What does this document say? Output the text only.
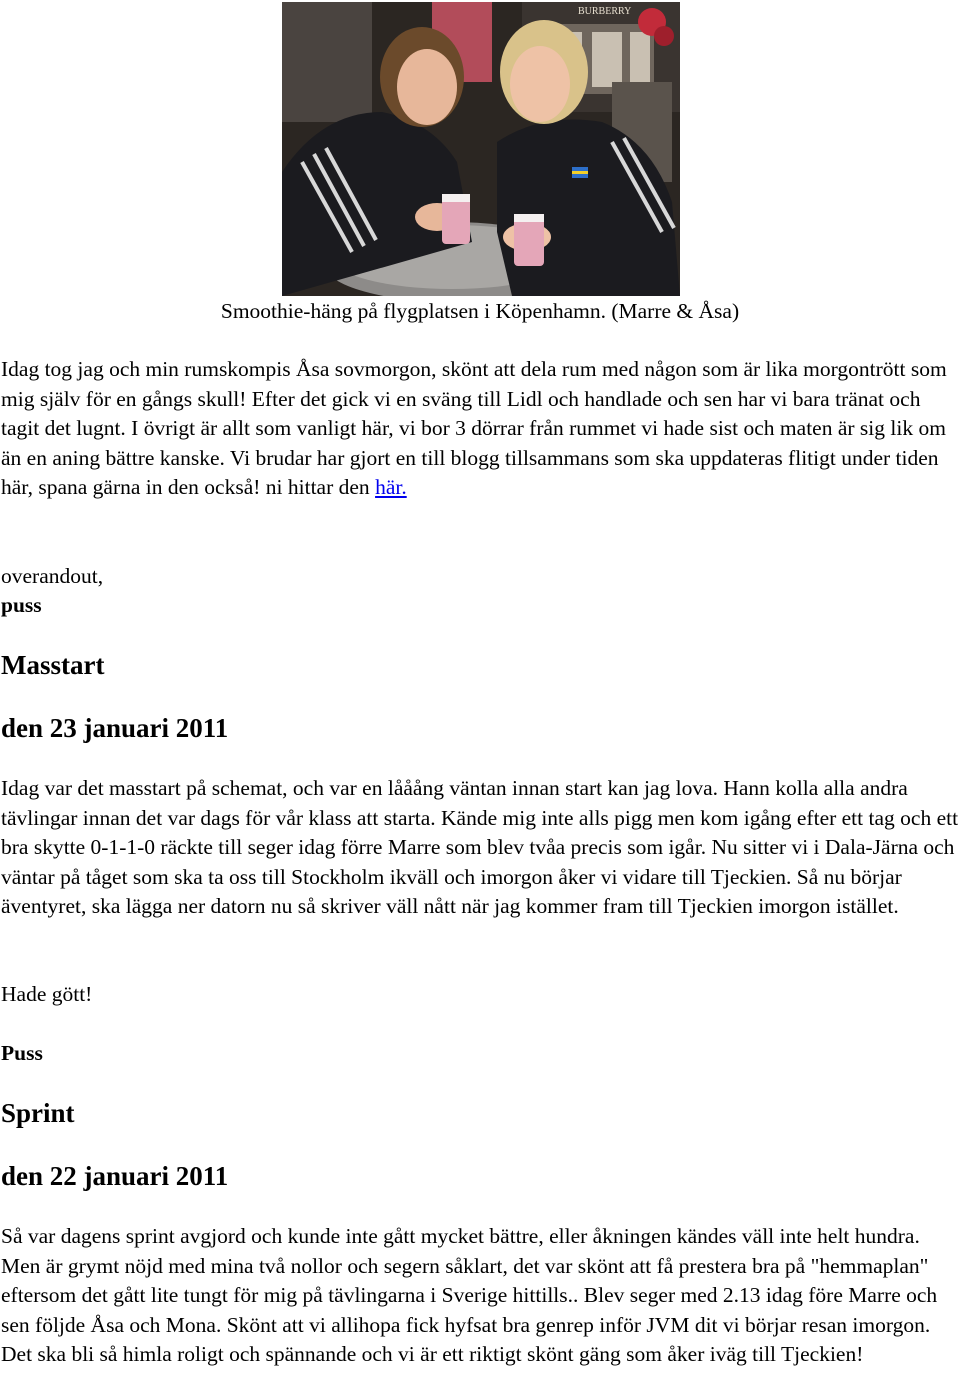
BURBERRY
Smoothie-häng på flygplatsen i Köpenhamn. (Marre & Åsa)

Idag tog jag och min rumskompis Åsa sovmorgon, skönt att dela rum med någon som är lika morgontrött som mig själv för en gångs skull! Efter det gick vi en sväng till Lidl och handlade och sen har vi bara tränat och tagit det lugnt. I övrigt är allt som vanligt här, vi bor 3 dörrar från rummet vi hade sist och maten är sig lik om än en aning bättre kanske. Vi brudar har gjort en till blogg tillsammans som ska uppdateras flitigt under tiden här, spana gärna in den också! ni hittar den här.

overandout,
puss
Masstart
den 23 januari 2011
Idag var det masstart på schemat, och var en lååång väntan innan start kan jag lova. Hann kolla alla andra tävlingar innan det var dags för vår klass att starta. Kände mig inte alls pigg men kom igång efter ett tag och ett bra skytte 0-1-1-0 räckte till seger idag förre Marre som blev tvåa precis som igår. Nu sitter vi i Dala-Järna och väntar på tåget som ska ta oss till Stockholm ikväll och imorgon åker vi vidare till Tjeckien. Så nu börjar äventyret, ska lägga ner datorn nu så skriver väll nått när jag kommer fram till Tjeckien imorgon istället.
Hade gött!
Puss
Sprint
den 22 januari 2011
Så var dagens sprint avgjord och kunde inte gått mycket bättre, eller åkningen kändes väll inte helt hundra. Men är grymt nöjd med mina två nollor och segern såklart, det var skönt att få prestera bra på "hemmaplan" eftersom det gått lite tungt för mig på tävlingarna i Sverige hittills.. Blev seger med 2.13 idag före Marre och sen följde Åsa och Mona. Skönt att vi allihopa fick hyfsat bra genrep inför JVM dit vi börjar resan imorgon. Det ska bli så himla roligt och spännande och vi är ett riktigt skönt gäng som åker iväg till Tjeckien!
